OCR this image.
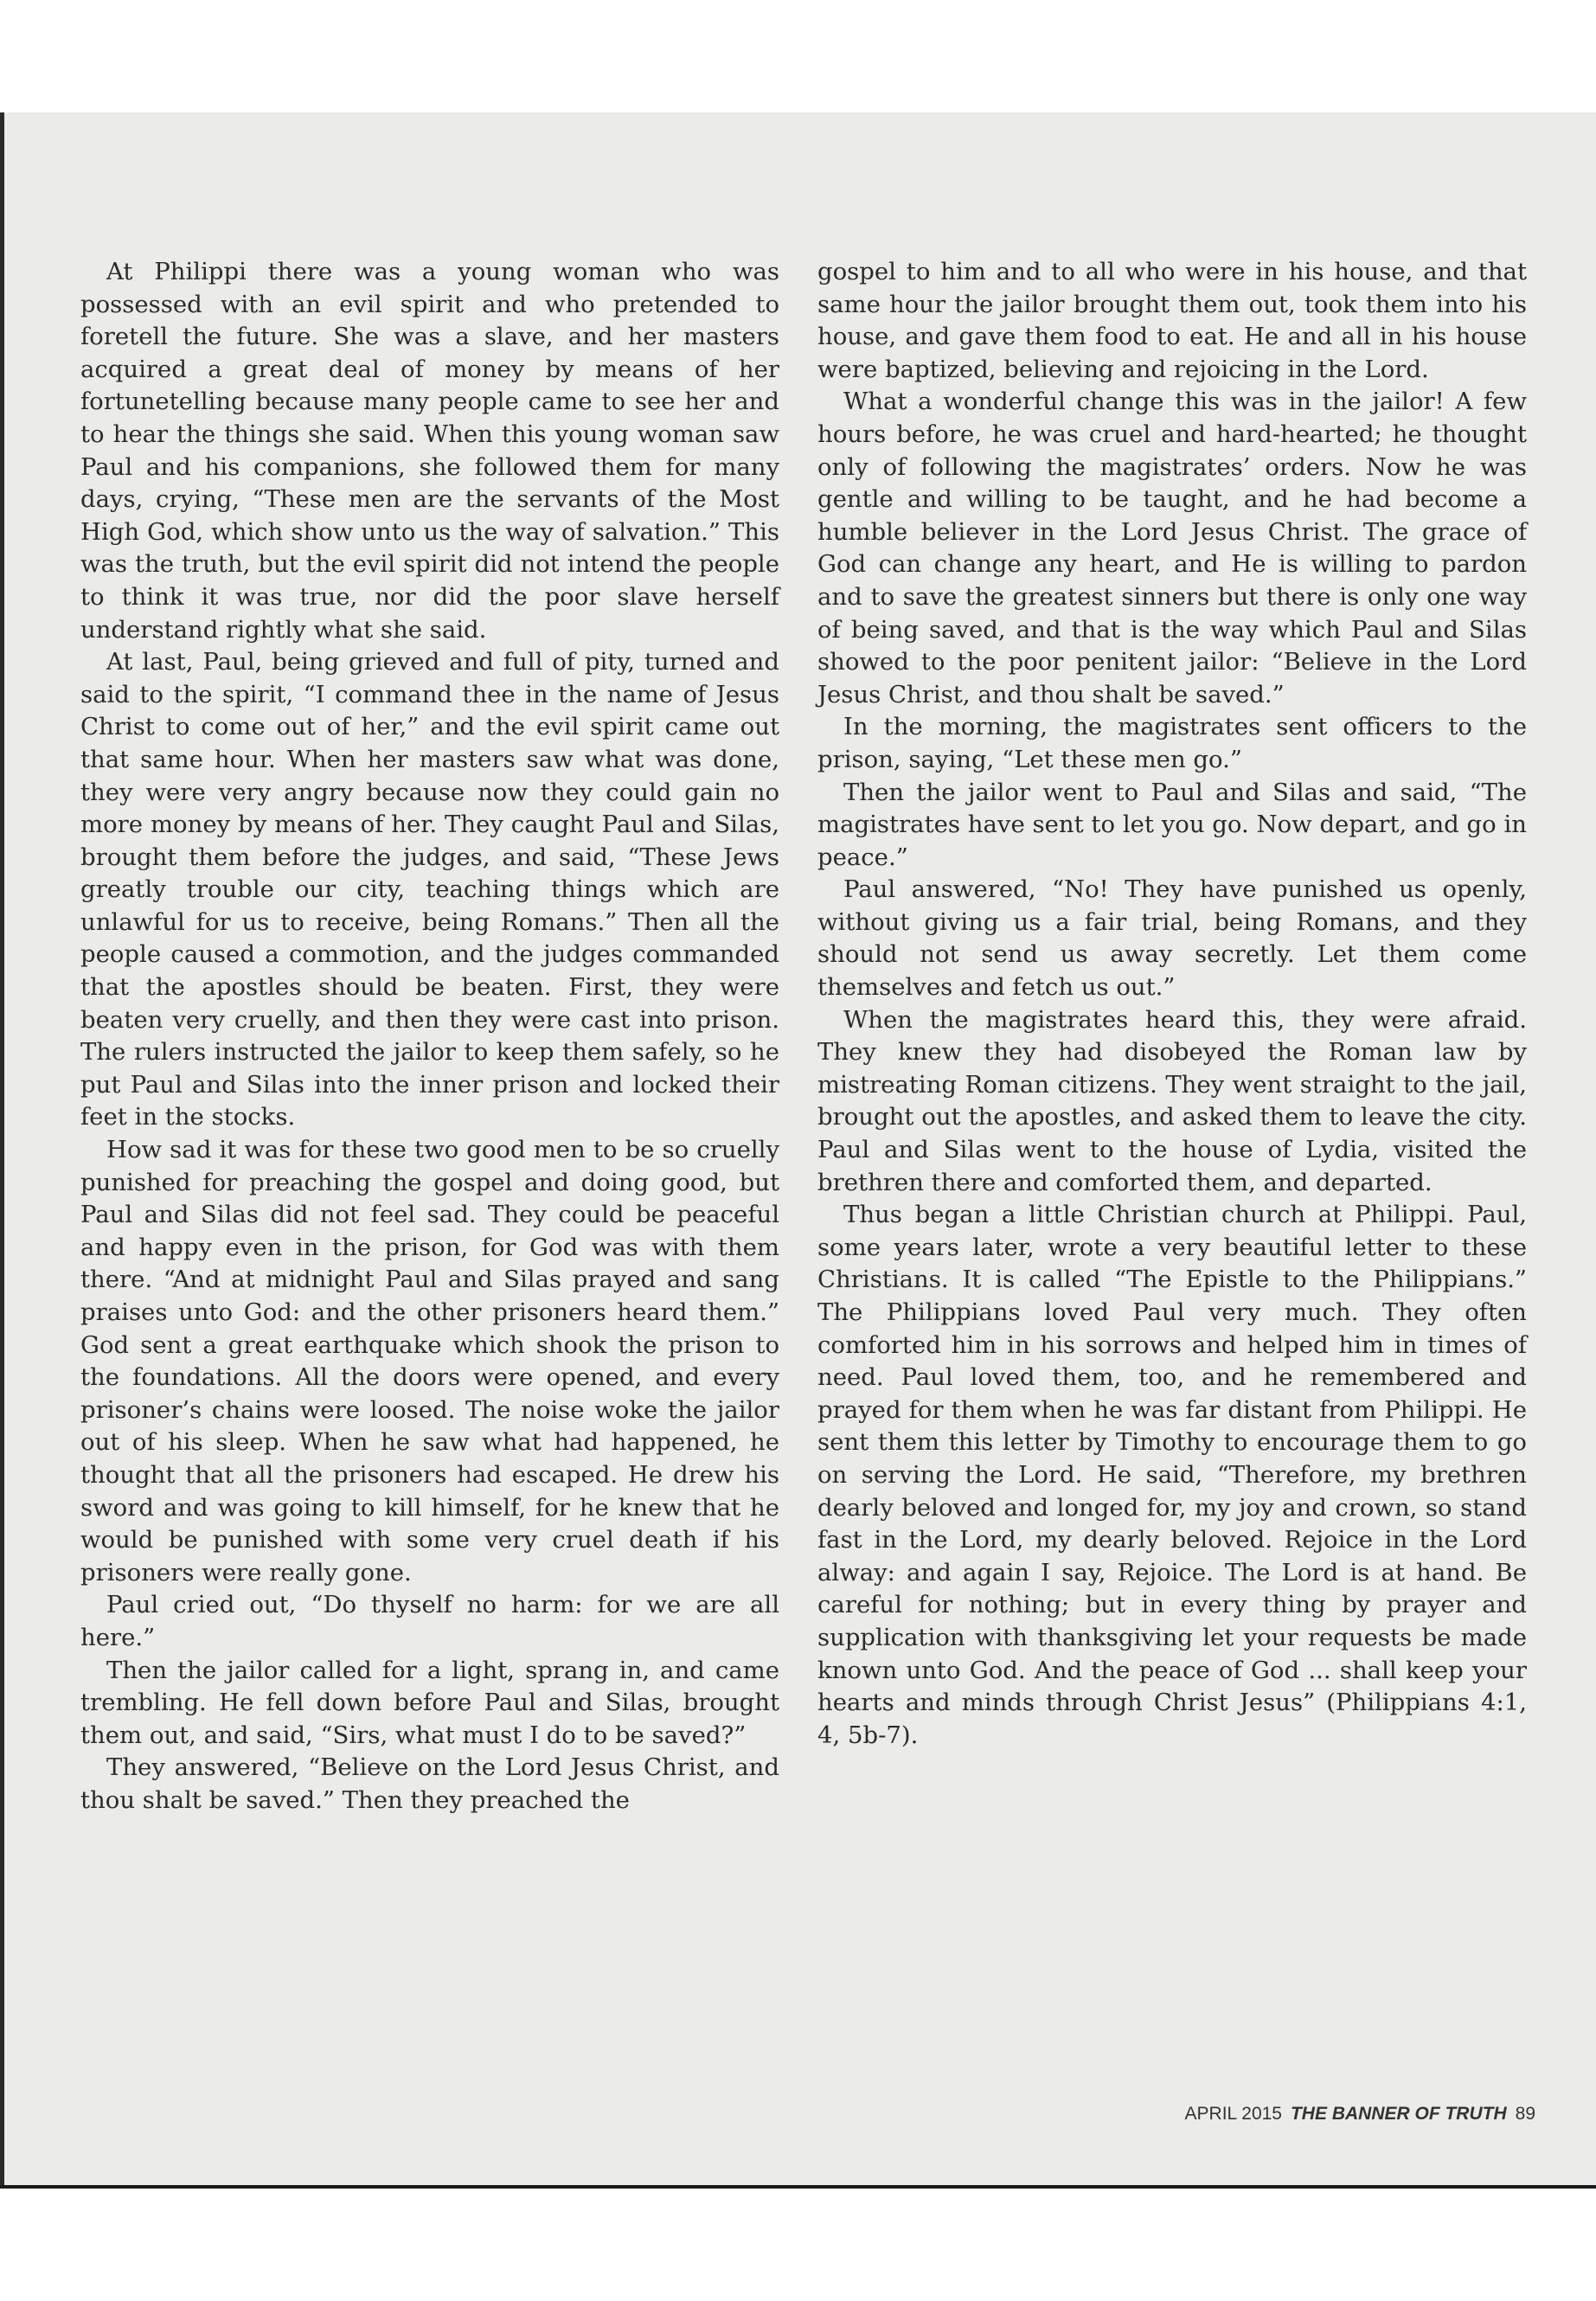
At Philippi there was a young woman who was possessed with an evil spirit and who pretended to foretell the future. She was a slave, and her masters acquired a great deal of money by means of her fortunetelling because many people came to see her and to hear the things she said. When this young woman saw Paul and his companions, she followed them for many days, crying, “These men are the servants of the Most High God, which show unto us the way of salvation.” This was the truth, but the evil spirit did not intend the people to think it was true, nor did the poor slave herself understand rightly what she said.

At last, Paul, being grieved and full of pity, turned and said to the spirit, “I command thee in the name of Jesus Christ to come out of her,” and the evil spirit came out that same hour. When her masters saw what was done, they were very angry because now they could gain no more money by means of her. They caught Paul and Silas, brought them before the judges, and said, “These Jews greatly trouble our city, teaching things which are unlawful for us to receive, being Romans.” Then all the people caused a commotion, and the judges commanded that the apostles should be beaten. First, they were beaten very cruelly, and then they were cast into prison. The rulers instructed the jailor to keep them safely, so he put Paul and Silas into the inner prison and locked their feet in the stocks.

How sad it was for these two good men to be so cruelly punished for preaching the gospel and doing good, but Paul and Silas did not feel sad. They could be peaceful and happy even in the prison, for God was with them there. “And at midnight Paul and Silas prayed and sang praises unto God: and the other prisoners heard them.” God sent a great earthquake which shook the prison to the foundations. All the doors were opened, and every prisoner’s chains were loosed. The noise woke the jailor out of his sleep. When he saw what had happened, he thought that all the prisoners had escaped. He drew his sword and was going to kill himself, for he knew that he would be punished with some very cruel death if his prisoners were really gone.

Paul cried out, “Do thyself no harm: for we are all here.”

Then the jailor called for a light, sprang in, and came trembling. He fell down before Paul and Silas, brought them out, and said, “Sirs, what must I do to be saved?”

They answered, “Believe on the Lord Jesus Christ, and thou shalt be saved.” Then they preached the

gospel to him and to all who were in his house, and that same hour the jailor brought them out, took them into his house, and gave them food to eat. He and all in his house were baptized, believing and rejoicing in the Lord.

What a wonderful change this was in the jailor! A few hours before, he was cruel and hard-hearted; he thought only of following the magistrates’ orders. Now he was gentle and willing to be taught, and he had become a humble believer in the Lord Jesus Christ. The grace of God can change any heart, and He is willing to pardon and to save the greatest sinners but there is only one way of being saved, and that is the way which Paul and Silas showed to the poor penitent jailor: “Believe in the Lord Jesus Christ, and thou shalt be saved.”

In the morning, the magistrates sent officers to the prison, saying, “Let these men go.”

Then the jailor went to Paul and Silas and said, “The magistrates have sent to let you go. Now depart, and go in peace.”

Paul answered, “No! They have punished us openly, without giving us a fair trial, being Romans, and they should not send us away secretly. Let them come themselves and fetch us out.”

When the magistrates heard this, they were afraid. They knew they had disobeyed the Roman law by mistreating Roman citizens. They went straight to the jail, brought out the apostles, and asked them to leave the city. Paul and Silas went to the house of Lydia, visited the brethren there and comforted them, and departed.

Thus began a little Christian church at Philippi. Paul, some years later, wrote a very beautiful letter to these Christians. It is called “The Epistle to the Philippians.” The Philippians loved Paul very much. They often comforted him in his sorrows and helped him in times of need. Paul loved them, too, and he remembered and prayed for them when he was far distant from Philippi. He sent them this letter by Timothy to encourage them to go on serving the Lord. He said, “Therefore, my brethren dearly beloved and longed for, my joy and crown, so stand fast in the Lord, my dearly beloved. Rejoice in the Lord alway: and again I say, Rejoice. The Lord is at hand. Be careful for nothing; but in every thing by prayer and supplication with thanksgiving let your requests be made known unto God. And the peace of God ... shall keep your hearts and minds through Christ Jesus” (Philippians 4:1, 4, 5b-7).

APRIL 2015 THE BANNER OF TRUTH 89
